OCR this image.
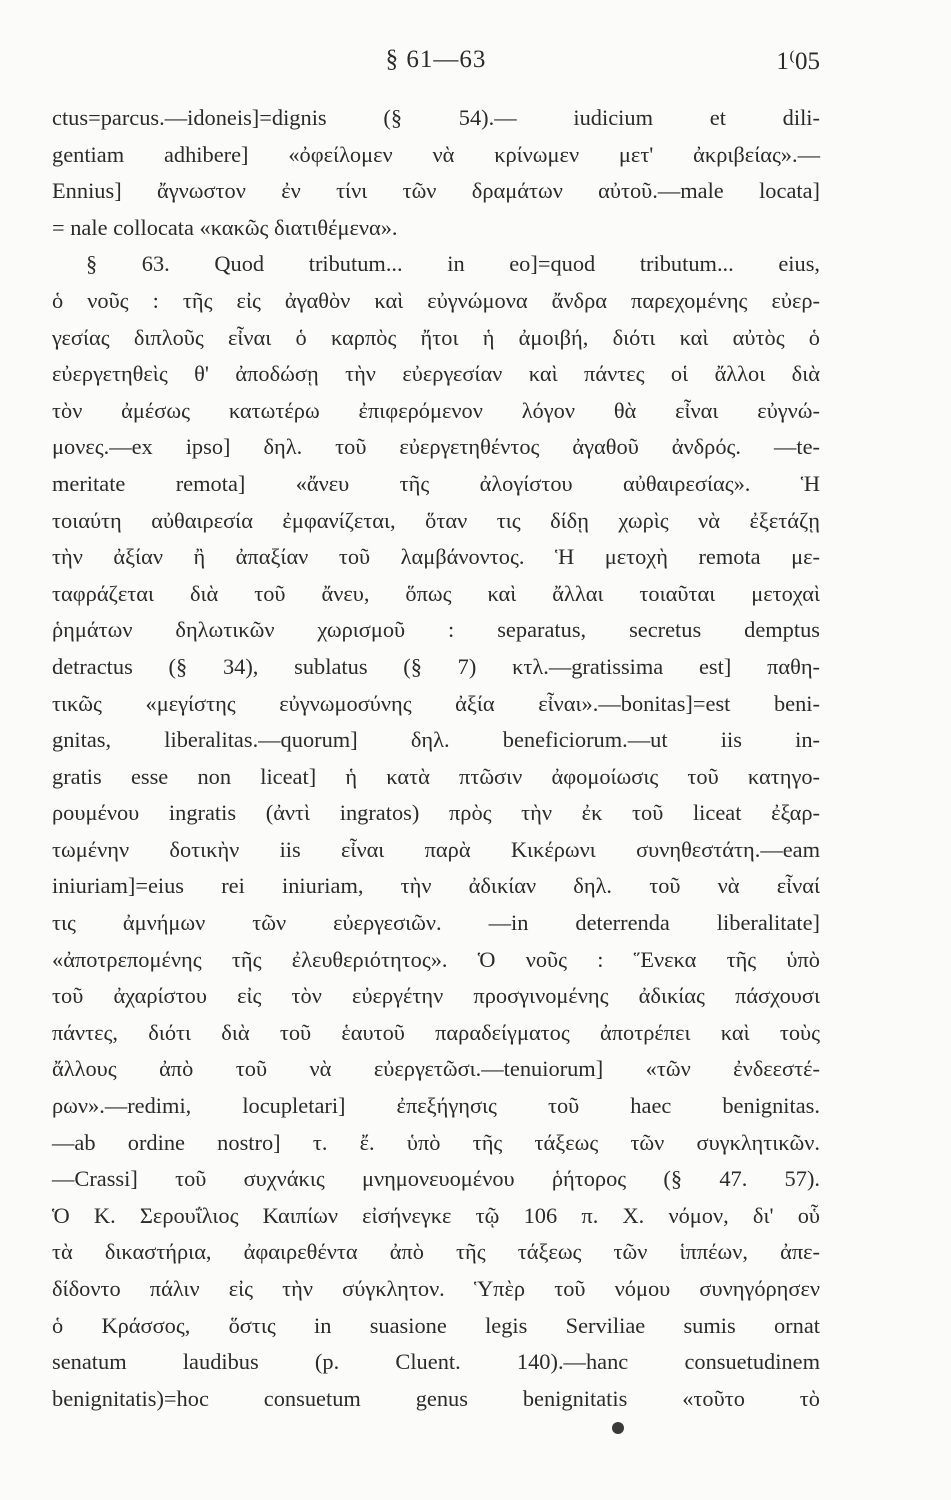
§ 61—63	1⁽05
ctus=parcus.—idoneis]=dignis (§ 54).— iudicium et dili-
gentiam adhibere] «ὀφείλομεν νὰ κρίνωμεν μετ' ἀκριβείας».—
Ennius] ἄγνωστον ἐν τίνι τῶν δραμάτων αὐτοῦ.—male locata]
= nale collocata «κακῶς διατιθέμενα».
§ 63. Quod tributum... in eo]=quod tributum... eius,
ὁ νοῦς : τῆς εἰς ἀγαθὸν καὶ εὐγνώμονα ἄνδρα παρεχομένης εὐερ-
γεσίας διπλοῦς εἶναι ὁ καρπὸς ἤτοι ἡ ἀμοιβή, διότι καὶ αὐτὸς ὁ
εὐεργετηθεὶς θ' ἀποδώσῃ τὴν εὐεργεσίαν καὶ πάντες οἱ ἄλλοι διὰ
τὸν ἀμέσως κατωτέρω ἐπιφερόμενον λόγον θὰ εἶναι εὐγνώ-
μονες.—ex ipso] δηλ. τοῦ εὐεργετηθέντος ἀγαθοῦ ἀνδρός. —te-
meritate remota] «ἄνευ τῆς ἀλογίστου αὐθαιρεσίας». Ἡ
τοιαύτη αὐθαιρεσία ἐμφανίζεται, ὅταν τις δίδῃ χωρὶς νὰ ἐξετάζῃ
τὴν ἀξίαν ἢ ἀπαξίαν τοῦ λαμβάνοντος. Ἡ μετοχὴ remota με-
ταφράζεται διὰ τοῦ ἄνευ, ὅπως καὶ ἄλλαι τοιαῦται μετοχαὶ
ῥημάτων δηλωτικῶν χωρισμοῦ : separatus, secretus demptus
detractus (§ 34), sublatus (§ 7) κτλ.—gratissima est] παθη-
τικῶς «μεγίστης εὐγνωμοσύνης ἀξία εἶναι».—bonitas]=est beni-
gnitas, liberalitas.—quorum] δηλ. beneficiorum.—ut iis in-
gratis esse non liceat] ἡ κατὰ πτῶσιν ἀφομοίωσις τοῦ κατηγο-
ρουμένου ingratis (ἀντὶ ingratos) πρὸς τὴν ἐκ τοῦ liceat ἐξαρ-
τωμένην δοτικὴν iis εἶναι παρὰ Κικέρωνι συνηθεστάτη.—eam
iniuriam]=eius rei iniuriam, τὴν ἀδικίαν δηλ. τοῦ νὰ εἶναί
τις ἀμνήμων τῶν εὐεργεσιῶν. —in deterrenda liberalitate]
«ἀποτρεπομένης τῆς ἐλευθεριότητος». Ὁ νοῦς : Ἕνεκα τῆς ὑπὸ
τοῦ ἀχαρίστου εἰς τὸν εὐεργέτην προσγινομένης ἀδικίας πάσχουσι
πάντες, διότι διὰ τοῦ ἑαυτοῦ παραδείγματος ἀποτρέπει καὶ τοὺς
ἄλλους ἀπὸ τοῦ νὰ εὐεργετῶσι.—tenuiorum] «τῶν ἐνδεεστέ-
ρων».—redimi, locupletari] ἐπεξήγησις τοῦ haec benignitas.
—ab ordine nostro] τ. ἔ. ὑπὸ τῆς τάξεως τῶν συγκλητικῶν.
—Crassi] τοῦ συχνάκις μνημονευομένου ῥήτορος (§ 47. 57).
Ὁ Κ. Σερουΐλιος Καιπίων εἰσήνεγκε τῷ 106 π. Χ. νόμον, δι' οὗ
τὰ δικαστήρια, ἀφαιρεθέντα ἀπὸ τῆς τάξεως τῶν ἱππέων, ἀπε-
δίδοντο πάλιν εἰς τὴν σύγκλητον. Ὑπὲρ τοῦ νόμου συνηγόρησεν
ὁ Κράσσος, ὅστις in suasione legis Serviliae sumis ornat
senatum laudibus (p. Cluent. 140).—hanc consuetudinem
benignitatis)=hoc consuetum genus benignitatis «τοῦτο τὸ
